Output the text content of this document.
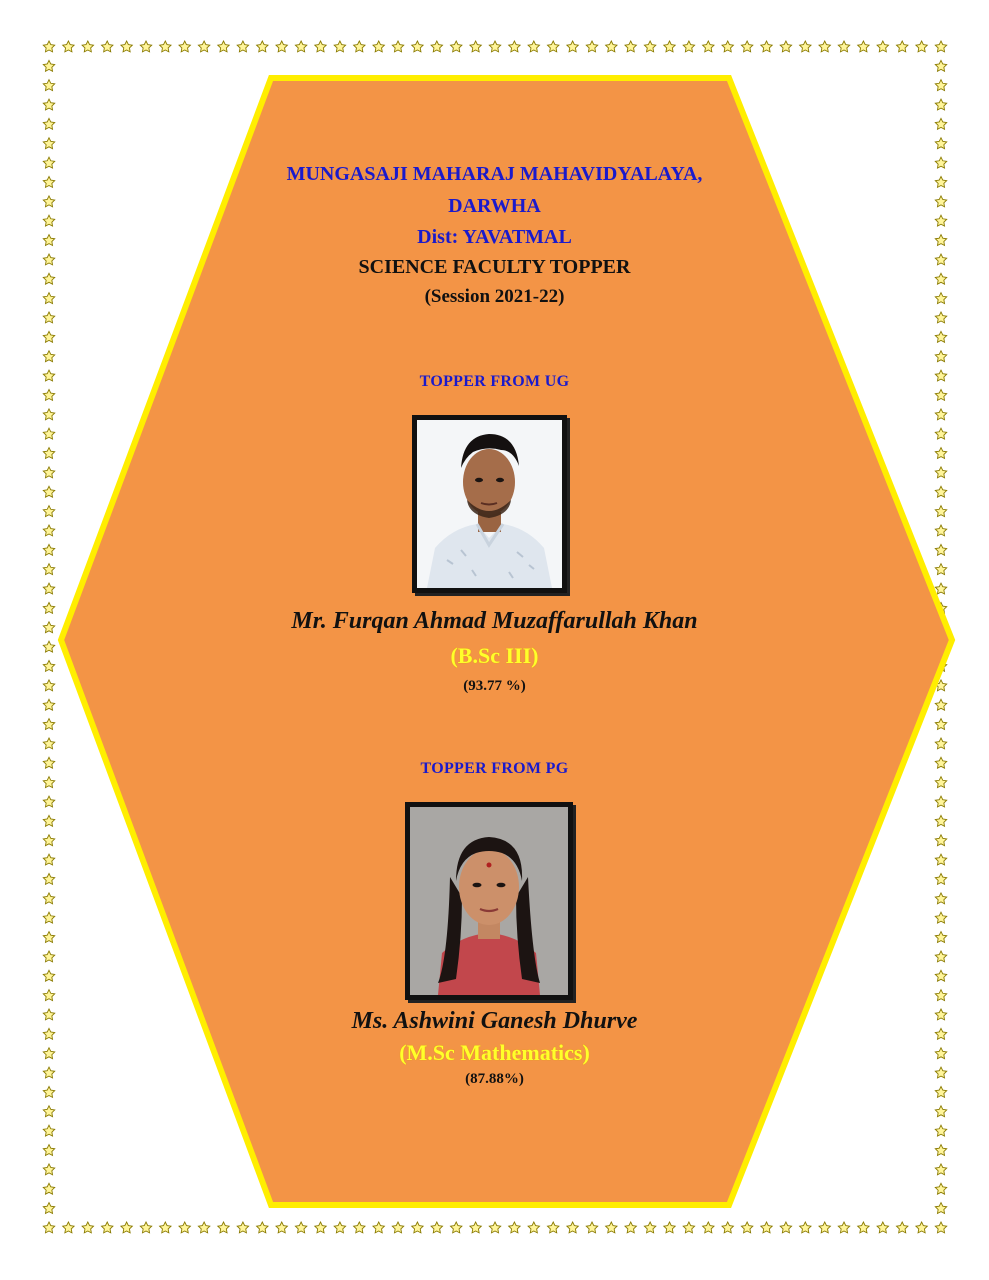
MUNGASAJI MAHARAJ MAHAVIDYALAYA,

DARWHA

Dist: YAVATMAL

SCIENCE FACULTY TOPPER

(Session 2021-22)

TOPPER FROM UG

Mr. Furqan Ahmad Muzaffarullah Khan

(B.Sc III)

(93.77 %)

TOPPER FROM PG

Ms. Ashwini Ganesh Dhurve

(M.Sc Mathematics)

(87.88%)
